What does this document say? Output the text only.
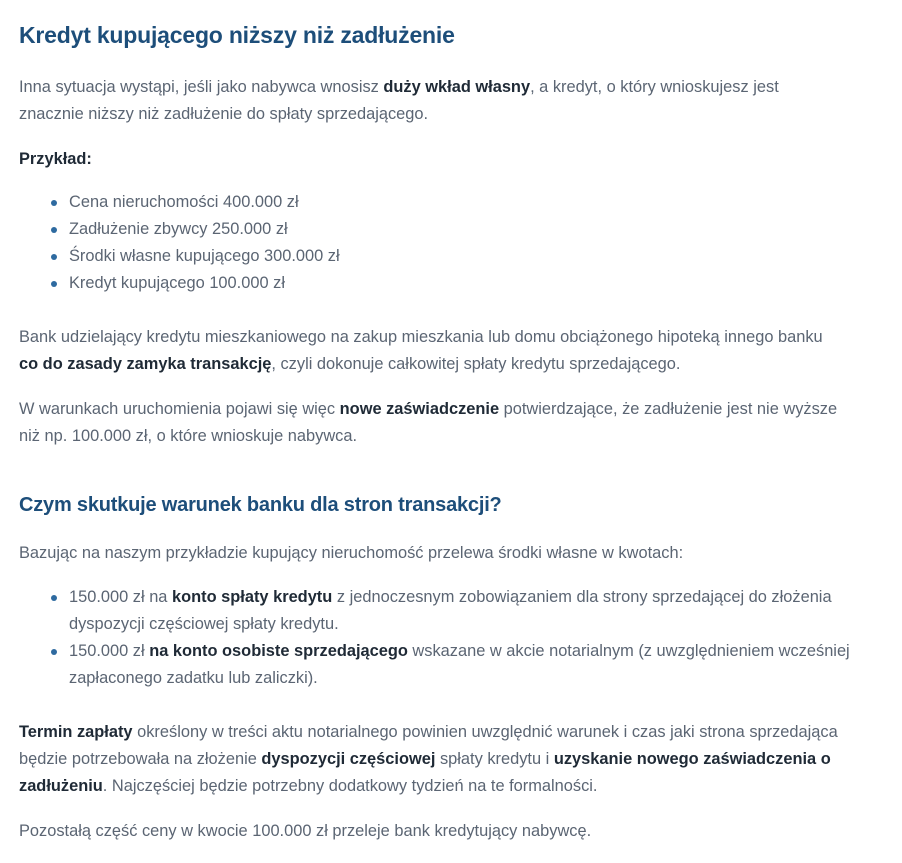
Kredyt kupującego niższy niż zadłużenie

Inna sytuacja wystąpi, jeśli jako nabywca wnosisz duży wkład własny, a kredyt, o który wnioskujesz jest
znacznie niższy niż zadłużenie do spłaty sprzedającego.

Przykład:

Cena nieruchomości 400.000 zł
Zadłużenie zbywcy 250.000 zł
Środki własne kupującego 300.000 zł
Kredyt kupującego 100.000 zł

Bank udzielający kredytu mieszkaniowego na zakup mieszkania lub domu obciążonego hipoteką innego banku
co do zasady zamyka transakcję, czyli dokonuje całkowitej spłaty kredytu sprzedającego.

W warunkach uruchomienia pojawi się więc nowe zaświadczenie potwierdzające, że zadłużenie jest nie wyższe
niż np. 100.000 zł, o które wnioskuje nabywca.

Czym skutkuje warunek banku dla stron transakcji?

Bazując na naszym przykładzie kupujący nieruchomość przelewa środki własne w kwotach:

150.000 zł na konto spłaty kredytu z jednoczesnym zobowiązaniem dla strony sprzedającej do złożenia
dyspozycji częściowej spłaty kredytu.
150.000 zł na konto osobiste sprzedającego wskazane w akcie notarialnym (z uwzględnieniem wcześniej
zapłaconego zadatku lub zaliczki).

Termin zapłaty określony w treści aktu notarialnego powinien uwzględnić warunek i czas jaki strona sprzedająca
będzie potrzebowała na złożenie dyspozycji częściowej spłaty kredytu i uzyskanie nowego zaświadczenia o
zadłużeniu. Najczęściej będzie potrzebny dodatkowy tydzień na te formalności.

Pozostałą część ceny w kwocie 100.000 zł przeleje bank kredytujący nabywcę.
